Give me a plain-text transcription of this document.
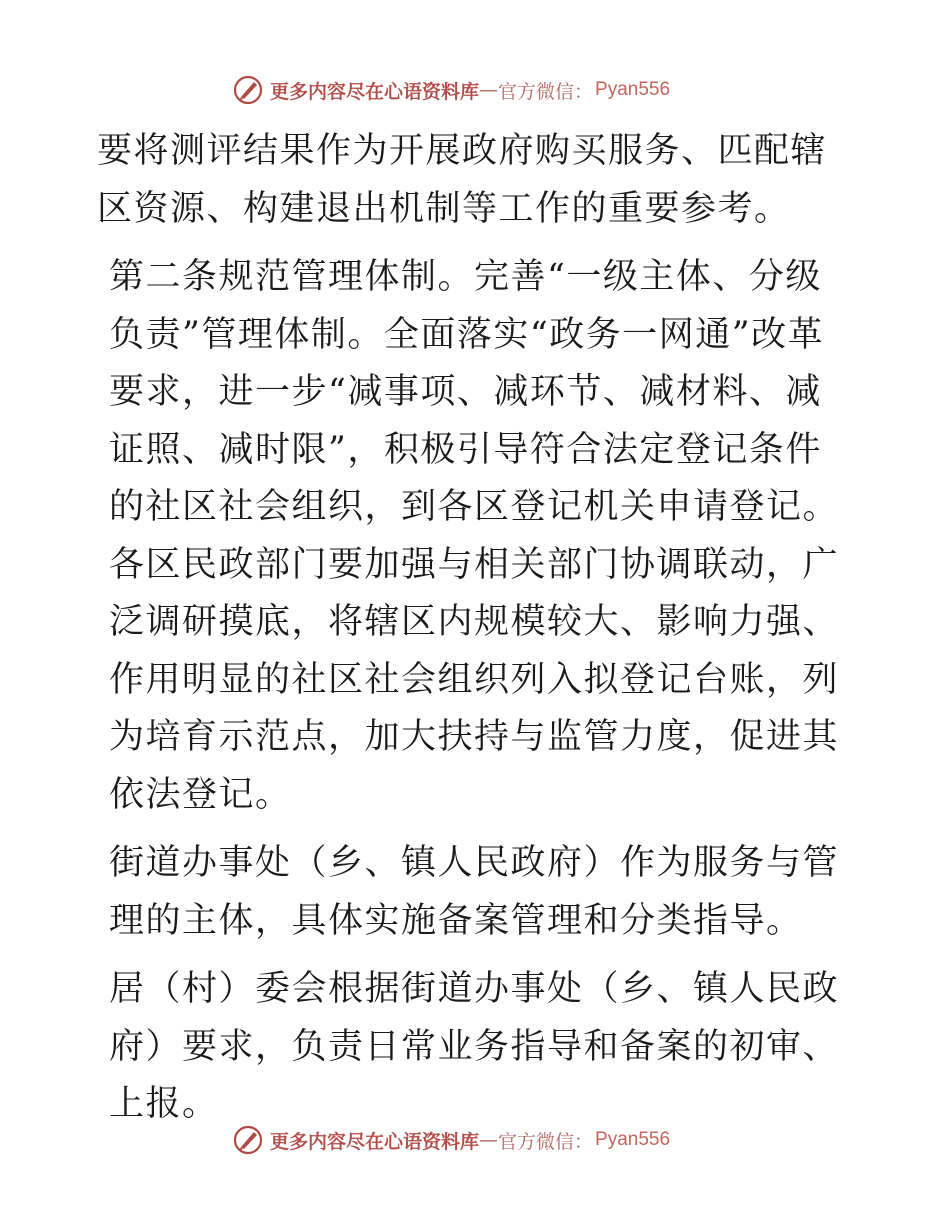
更多内容尽在心语资料库 — 官方微信： Pyan556

要将测评结果作为开展政府购买服务、匹配辖区资源、构建退出机制等工作的重要参考。

第二条规范管理体制。完善“一级主体、分级负责”管理体制。全面落实“政务一网通”改革要求，进一步“减事项、减环节、减材料、减证照、减时限”，积极引导符合法定登记条件的社区社会组织，到各区登记机关申请登记。各区民政部门要加强与相关部门协调联动，广泛调研摸底，将辖区内规模较大、影响力强、作用明显的社区社会组织列入拟登记台账，列为培育示范点，加大扶持与监管力度，促进其依法登记。

街道办事处（乡、镇人民政府）作为服务与管理的主体，具体实施备案管理和分类指导。

居（村）委会根据街道办事处（乡、镇人民政府）要求，负责日常业务指导和备案的初审、上报。

更多内容尽在心语资料库 — 官方微信： Pyan556
